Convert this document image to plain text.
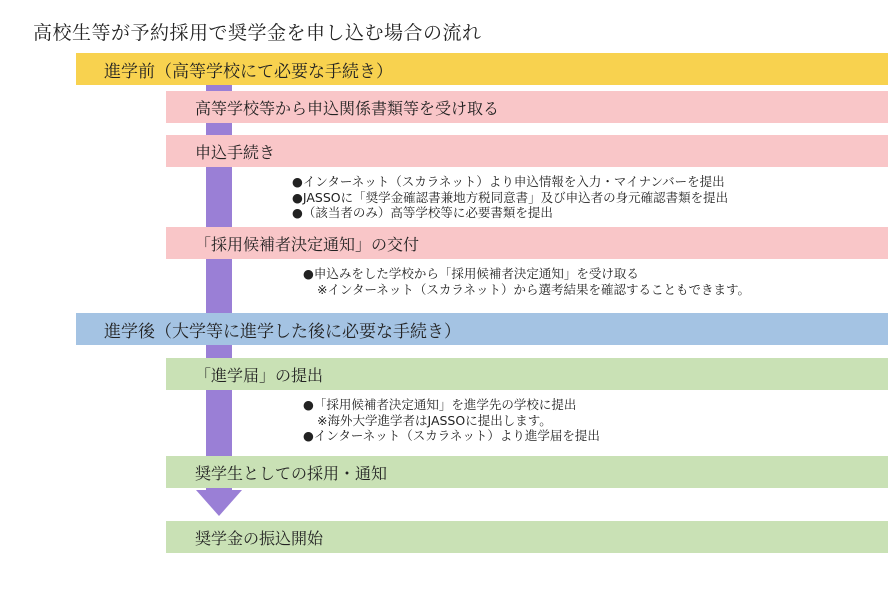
高校生等が予約採用で奨学金を申し込む場合の流れ
進学前（高等学校にて必要な手続き）
高等学校等から申込関係書類等を受け取る
申込手続き
●インターネット（スカラネット）より申込情報を入力・マイナンバーを提出
●JASSOに「奨学金確認書兼地方税同意書」及び申込者の身元確認書類を提出
●（該当者のみ）高等学校等に必要書類を提出
「採用候補者決定通知」の交付
●申込みをした学校から「採用候補者決定通知」を受け取る
※インターネット（スカラネット）から選考結果を確認することもできます。
進学後（大学等に進学した後に必要な手続き）
「進学届」の提出
●「採用候補者決定通知」を進学先の学校に提出
※海外大学進学者はJASSOに提出します。
●インターネット（スカラネット）より進学届を提出
奨学生としての採用・通知
奨学金の振込開始
